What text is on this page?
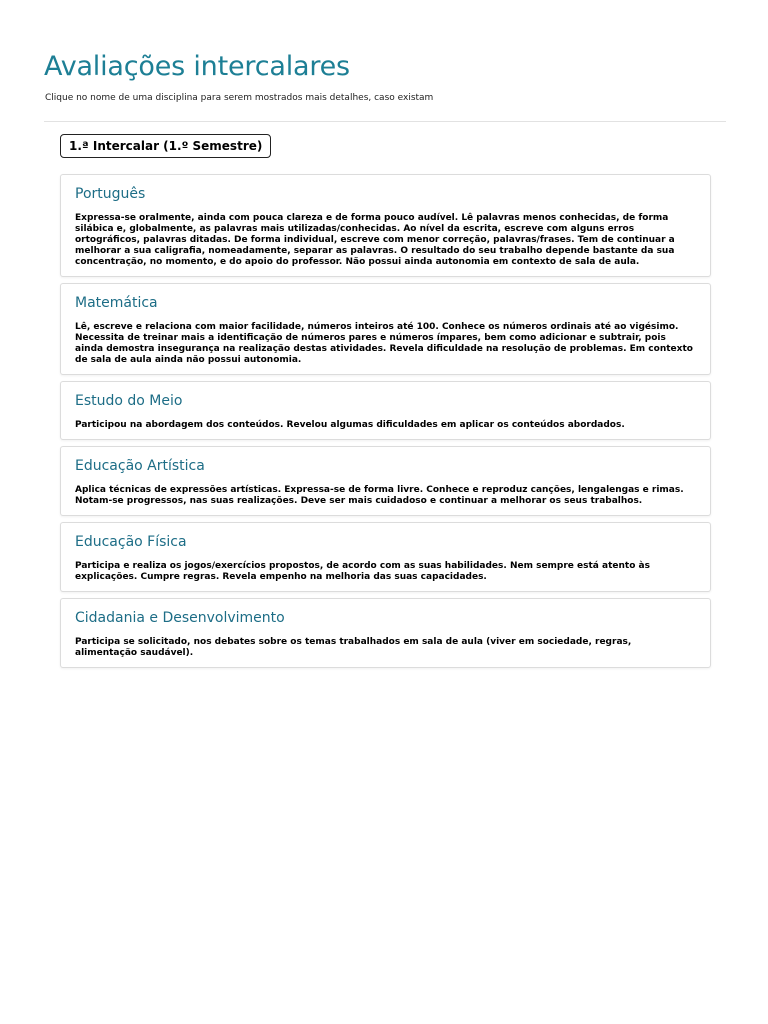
Avaliações intercalares
Clique no nome de uma disciplina para serem mostrados mais detalhes, caso existam
1.ª Intercalar (1.º Semestre)
Português

Expressa-se oralmente, ainda com pouca clareza e de forma pouco audível. Lê palavras menos conhecidas, de forma silábica e, globalmente, as palavras mais utilizadas/conhecidas. Ao nível da escrita, escreve com alguns erros ortográficos, palavras ditadas. De forma individual, escreve com menor correção, palavras/frases. Tem de continuar a melhorar a sua caligrafia, nomeadamente, separar as palavras. O resultado do seu trabalho depende bastante da sua concentração, no momento, e do apoio do professor. Não possui ainda autonomia em contexto de sala de aula.

Matemática

Lê, escreve e relaciona com maior facilidade, números inteiros até 100. Conhece os números ordinais até ao vigésimo. Necessita de treinar mais a identificação de números pares e números ímpares, bem como adicionar e subtrair, pois ainda demostra insegurança na realização destas atividades. Revela dificuldade na resolução de problemas. Em contexto de sala de aula ainda não possui autonomia.

Estudo do Meio

Participou na abordagem dos conteúdos. Revelou algumas dificuldades em aplicar os conteúdos abordados.

Educação Artística

Aplica técnicas de expressões artísticas. Expressa-se de forma livre. Conhece e reproduz canções, lengalengas e rimas. Notam-se progressos, nas suas realizações. Deve ser mais cuidadoso e continuar a melhorar os seus trabalhos.

Educação Física

Participa e realiza os jogos/exercícios propostos, de acordo com as suas habilidades. Nem sempre está atento às explicações. Cumpre regras. Revela empenho na melhoria das suas capacidades.

Cidadania e Desenvolvimento

Participa se solicitado, nos debates sobre os temas trabalhados em sala de aula (viver em sociedade, regras, alimentação saudável).
